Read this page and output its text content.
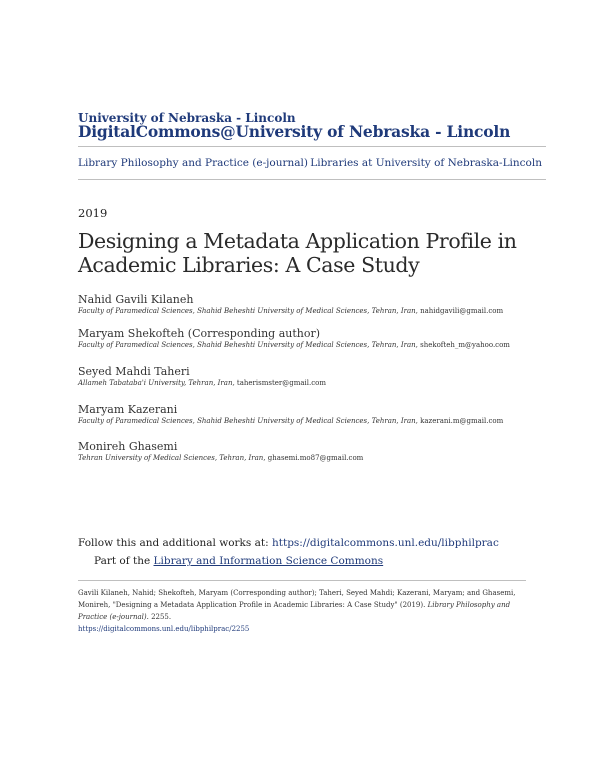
University of Nebraska - Lincoln
DigitalCommons@University of Nebraska - Lincoln
Library Philosophy and Practice (e-journal) Libraries at University of Nebraska-Lincoln
2019
Designing a Metadata Application Profile in Academic Libraries: A Case Study
Nahid Gavili Kilaneh
Faculty of Paramedical Sciences, Shahid Beheshti University of Medical Sciences, Tehran, Iran, nahidgavili@gmail.com
Maryam Shekofteh (Corresponding author)
Faculty of Paramedical Sciences, Shahid Beheshti University of Medical Sciences, Tehran, Iran, shekofteh_m@yahoo.com
Seyed Mahdi Taheri
Allameh Tabataba'i University, Tehran, Iran, taherismster@gmail.com
Maryam Kazerani
Faculty of Paramedical Sciences, Shahid Beheshti University of Medical Sciences, Tehran, Iran, kazerani.m@gmail.com
Monireh Ghasemi
Tehran University of Medical Sciences, Tehran, Iran, ghasemi.mo87@gmail.com
Follow this and additional works at: https://digitalcommons.unl.edu/libphilprac
Part of the Library and Information Science Commons
Gavili Kilaneh, Nahid; Shekofteh, Maryam (Corresponding author); Taheri, Seyed Mahdi; Kazerani, Maryam; and Ghasemi, Monireh, "Designing a Metadata Application Profile in Academic Libraries: A Case Study" (2019). Library Philosophy and Practice (e-journal). 2255.
https://digitalcommons.unl.edu/libphilprac/2255
